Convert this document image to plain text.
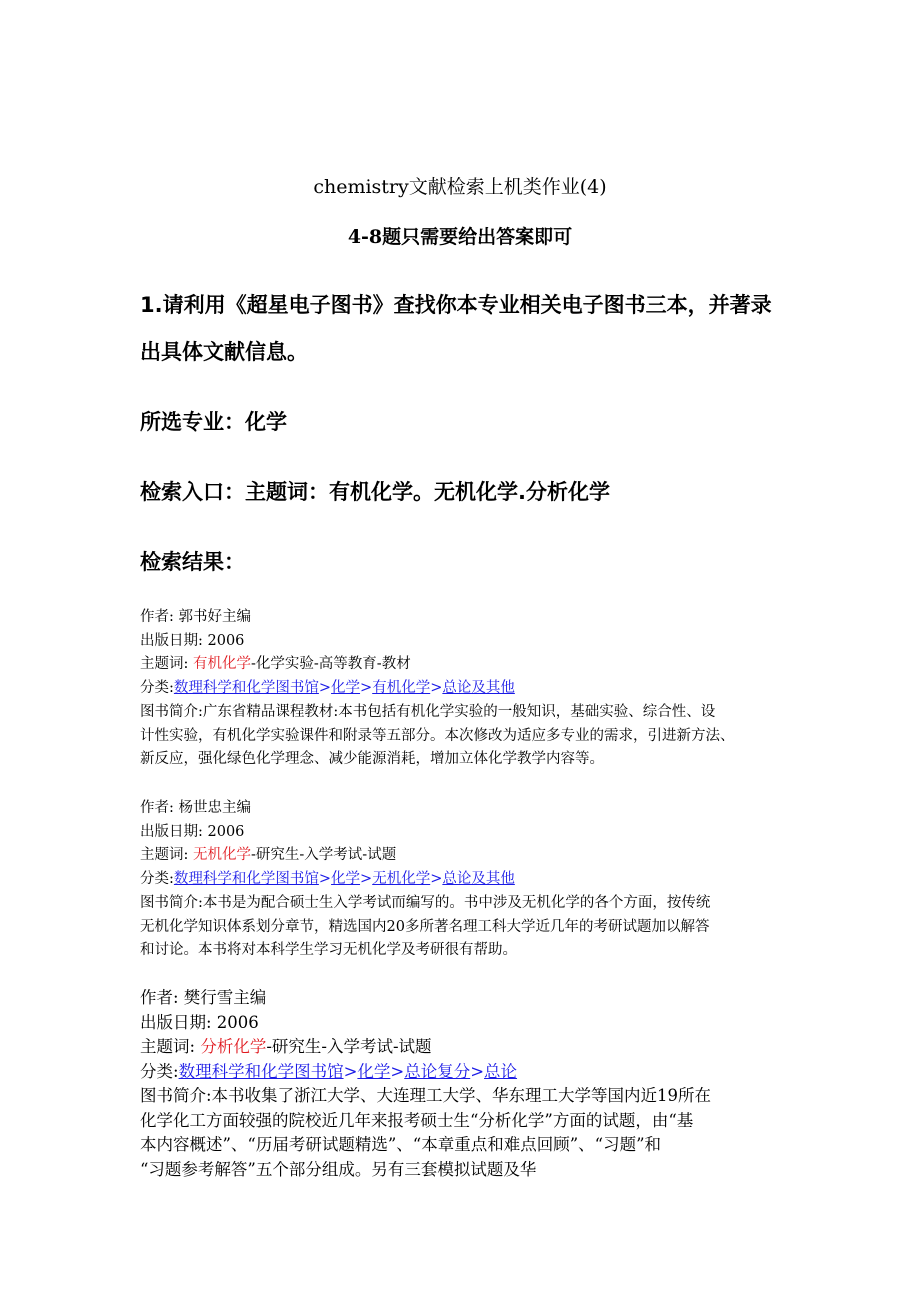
chemistry文献检索上机类作业(4)
4-8题只需要给出答案即可
1.请利用《超星电子图书》查找你本专业相关电子图书三本，并著录
出具体文献信息。
所选专业：化学
检索入口：主题词：有机化学。无机化学.分析化学
检索结果：
作者: 郭书好主编
出版日期: 2006
主题词: 有机化学-化学实验-高等教育-教材
分类:数理科学和化学图书馆>化学>有机化学>总论及其他
图书简介:广东省精品课程教材:本书包括有机化学实验的一般知识，基础实验、综合性、设
计性实验，有机化学实验课件和附录等五部分。本次修改为适应多专业的需求，引进新方法、
新反应，强化绿色化学理念、减少能源消耗，增加立体化学教学内容等。
作者: 杨世忠主编
出版日期: 2006
主题词: 无机化学-研究生-入学考试-试题
分类:数理科学和化学图书馆>化学>无机化学>总论及其他
图书简介:本书是为配合硕士生入学考试而编写的。书中涉及无机化学的各个方面，按传统
无机化学知识体系划分章节，精选国内20多所著名理工科大学近几年的考研试题加以解答
和讨论。本书将对本科学生学习无机化学及考研很有帮助。
作者: 樊行雪主编
出版日期: 2006
主题词: 分析化学-研究生-入学考试-试题
分类:数理科学和化学图书馆>化学>总论复分>总论
图书简介:本书收集了浙江大学、大连理工大学、华东理工大学等国内近19所在
化学化工方面较强的院校近几年来报考硕士生“分析化学”方面的试题，由“基
本内容概述”、“历届考研试题精选”、“本章重点和难点回顾”、“习题”和
“习题参考解答”五个部分组成。另有三套模拟试题及华
